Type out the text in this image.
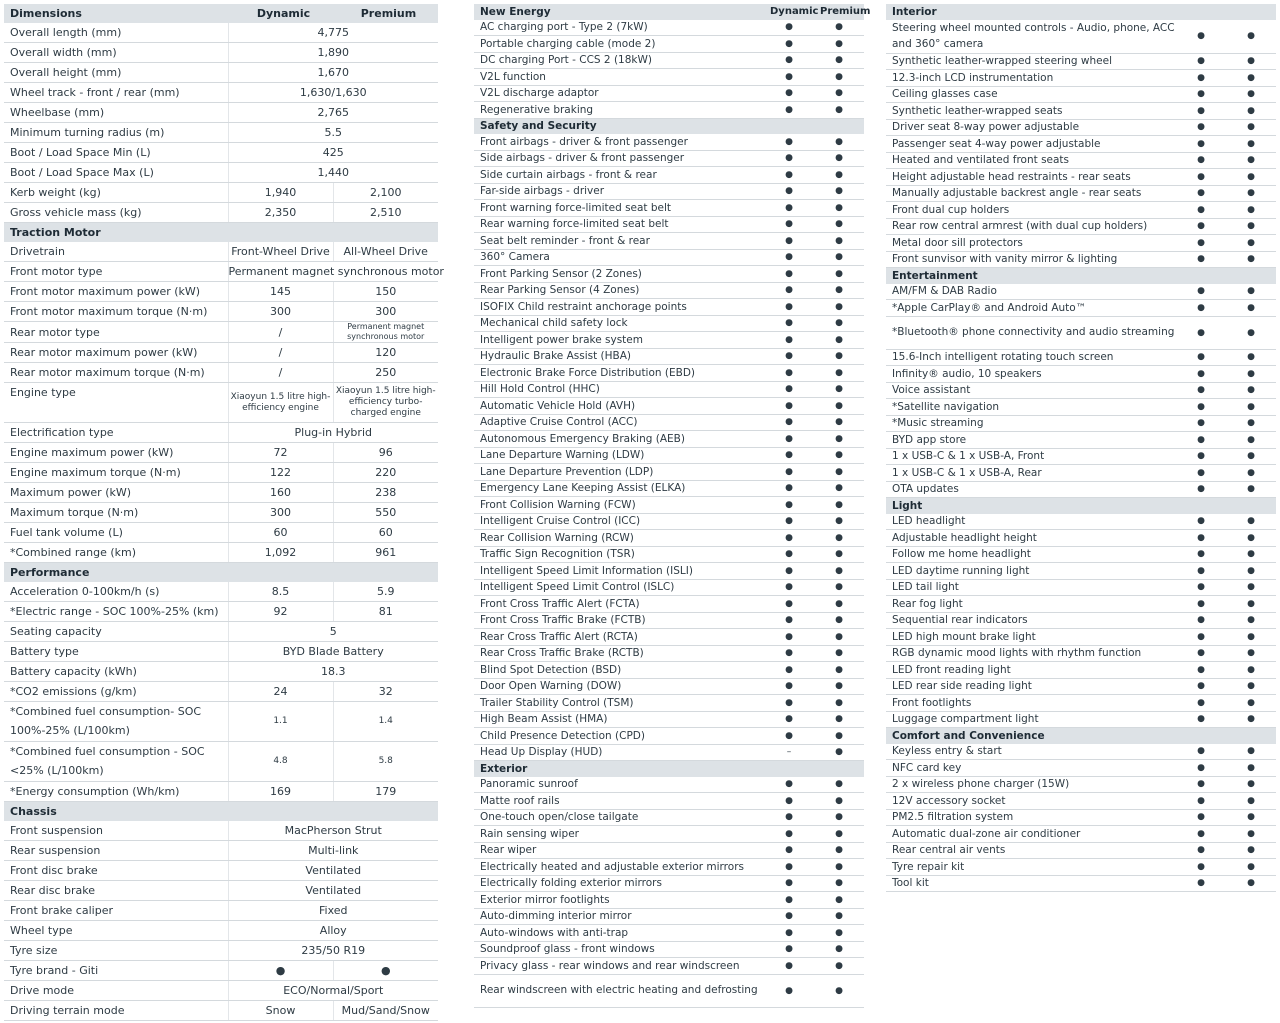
Dimensions	Dynamic	Premium
Overall length (mm)	4,775	
Overall width (mm)	1,890	
Overall height (mm)	1,670	
Wheel track - front / rear (mm)	1,630/1,630	
Wheelbase (mm)	2,765	
Minimum turning radius (m)	5.5	
Boot / Load Space Min (L)	425	
Boot / Load Space Max (L)	1,440	
Kerb weight (kg)	1,940	2,100
Gross vehicle mass (kg)	2,350	2,510
Traction Motor		
Drivetrain	Front-Wheel Drive	All-Wheel Drive
Front motor type	Permanent magnet synchronous motor	
Front motor maximum power (kW)	145	150
Front motor maximum torque (N·m)	300	300
Rear motor type	/	Permanent magnet synchronous motor
Rear motor maximum power (kW)	/	120
Rear motor maximum torque (N·m)	/	250
Engine type	Xiaoyun 1.5 litre high-efficiency engine	Xiaoyun 1.5 litre high-efficiency turbo-charged engine
Electrification type	Plug-in Hybrid	
Engine maximum power (kW)	72	96
Engine maximum torque (N·m)	122	220
Maximum power (kW)	160	238
Maximum torque (N·m)	300	550
Fuel tank volume (L)	60	60
*Combined range (km)	1,092	961
Performance		
Acceleration 0-100km/h (s)	8.5	5.9
*Electric range - SOC 100%-25% (km)	92	81
Seating capacity	5	
Battery type	BYD Blade Battery	
Battery capacity (kWh)	18.3	
*CO2 emissions (g/km)	24	32
*Combined fuel consumption- SOC 100%-25% (L/100km)	1.1	1.4
*Combined fuel consumption - SOC <25% (L/100km)	4.8	5.8
*Energy consumption (Wh/km)	169	179
Chassis		
Front suspension	MacPherson Strut	
Rear suspension	Multi-link	
Front disc brake	Ventilated	
Rear disc brake	Ventilated	
Front brake caliper	Fixed	
Wheel type	Alloy	
Tyre size	235/50 R19	
Tyre brand - Giti	●	●
Drive mode	ECO/Normal/Sport	
Driving terrain mode	Snow	Mud/Sand/Snow
New Energy	Dynamic	Premium
AC charging port - Type 2 (7kW)	●	●
Portable charging cable (mode 2)	●	●
DC charging Port - CCS 2 (18kW)	●	●
V2L function	●	●
V2L discharge adaptor	●	●
Regenerative braking	●	●
Safety and Security		
Front airbags - driver & front passenger	●	●
Side airbags - driver & front passenger	●	●
Side curtain airbags - front & rear	●	●
Far-side airbags - driver	●	●
Front warning force-limited seat belt	●	●
Rear warning force-limited seat belt	●	●
Seat belt reminder - front & rear	●	●
360° Camera	●	●
Front Parking Sensor (2 Zones)	●	●
Rear Parking Sensor (4 Zones)	●	●
ISOFIX Child restraint anchorage points	●	●
Mechanical child safety lock	●	●
Intelligent power brake system	●	●
Hydraulic Brake Assist (HBA)	●	●
Electronic Brake Force Distribution (EBD)	●	●
Hill Hold Control (HHC)	●	●
Automatic Vehicle Hold (AVH)	●	●
Adaptive Cruise Control (ACC)	●	●
Autonomous Emergency Braking (AEB)	●	●
Lane Departure Warning (LDW)	●	●
Lane Departure Prevention (LDP)	●	●
Emergency Lane Keeping Assist (ELKA)	●	●
Front Collision Warning (FCW)	●	●
Intelligent Cruise Control (ICC)	●	●
Rear Collision Warning (RCW)	●	●
Traffic Sign Recognition (TSR)	●	●
Intelligent Speed Limit Information (ISLI)	●	●
Intelligent Speed Limit Control (ISLC)	●	●
Front Cross Traffic Alert (FCTA)	●	●
Front Cross Traffic Brake (FCTB)	●	●
Rear Cross Traffic Alert (RCTA)	●	●
Rear Cross Traffic Brake (RCTB)	●	●
Blind Spot Detection (BSD)	●	●
Door Open Warning (DOW)	●	●
Trailer Stability Control (TSM)	●	●
High Beam Assist (HMA)	●	●
Child Presence Detection (CPD)	●	●
Head Up Display (HUD)	–	●
Exterior		
Panoramic sunroof	●	●
Matte roof rails	●	●
One-touch open/close tailgate	●	●
Rain sensing wiper	●	●
Rear wiper	●	●
Electrically heated and adjustable exterior mirrors	●	●
Electrically folding exterior mirrors	●	●
Exterior mirror footlights	●	●
Auto-dimming interior mirror	●	●
Auto-windows with anti-trap	●	●
Soundproof glass - front windows	●	●
Privacy glass - rear windows and rear windscreen	●	●
Rear windscreen with electric heating and defrosting	●	●
Interior		
Steering wheel mounted controls - Audio, phone, ACC and 360° camera	●	●
Synthetic leather-wrapped steering wheel	●	●
12.3-inch LCD instrumentation	●	●
Ceiling glasses case	●	●
Synthetic leather-wrapped seats	●	●
Driver seat 8-way power adjustable	●	●
Passenger seat 4-way power adjustable	●	●
Heated and ventilated front seats	●	●
Height adjustable head restraints - rear seats	●	●
Manually adjustable backrest angle - rear seats	●	●
Front dual cup holders	●	●
Rear row central armrest (with dual cup holders)	●	●
Metal door sill protectors	●	●
Front sunvisor with vanity mirror & lighting	●	●
Entertainment		
AM/FM & DAB Radio	●	●
*Apple CarPlay® and Android Auto™	●	●
*Bluetooth® phone connectivity and audio streaming	●	●
15.6-Inch intelligent rotating touch screen	●	●
Infinity® audio, 10 speakers	●	●
Voice assistant	●	●
*Satellite navigation	●	●
*Music streaming	●	●
BYD app store	●	●
1 x USB-C & 1 x USB-A, Front	●	●
1 x USB-C & 1 x USB-A, Rear	●	●
OTA updates	●	●
Light		
LED headlight	●	●
Adjustable headlight height	●	●
Follow me home headlight	●	●
LED daytime running light	●	●
LED tail light	●	●
Rear fog light	●	●
Sequential rear indicators	●	●
LED high mount brake light	●	●
RGB dynamic mood lights with rhythm function	●	●
LED front reading light	●	●
LED rear side reading light	●	●
Front footlights	●	●
Luggage compartment light	●	●
Comfort and Convenience		
Keyless entry & start	●	●
NFC card key	●	●
2 x wireless phone charger (15W)	●	●
12V accessory socket	●	●
PM2.5 filtration system	●	●
Automatic dual-zone air conditioner	●	●
Rear central air vents	●	●
Tyre repair kit	●	●
Tool kit	●	●
